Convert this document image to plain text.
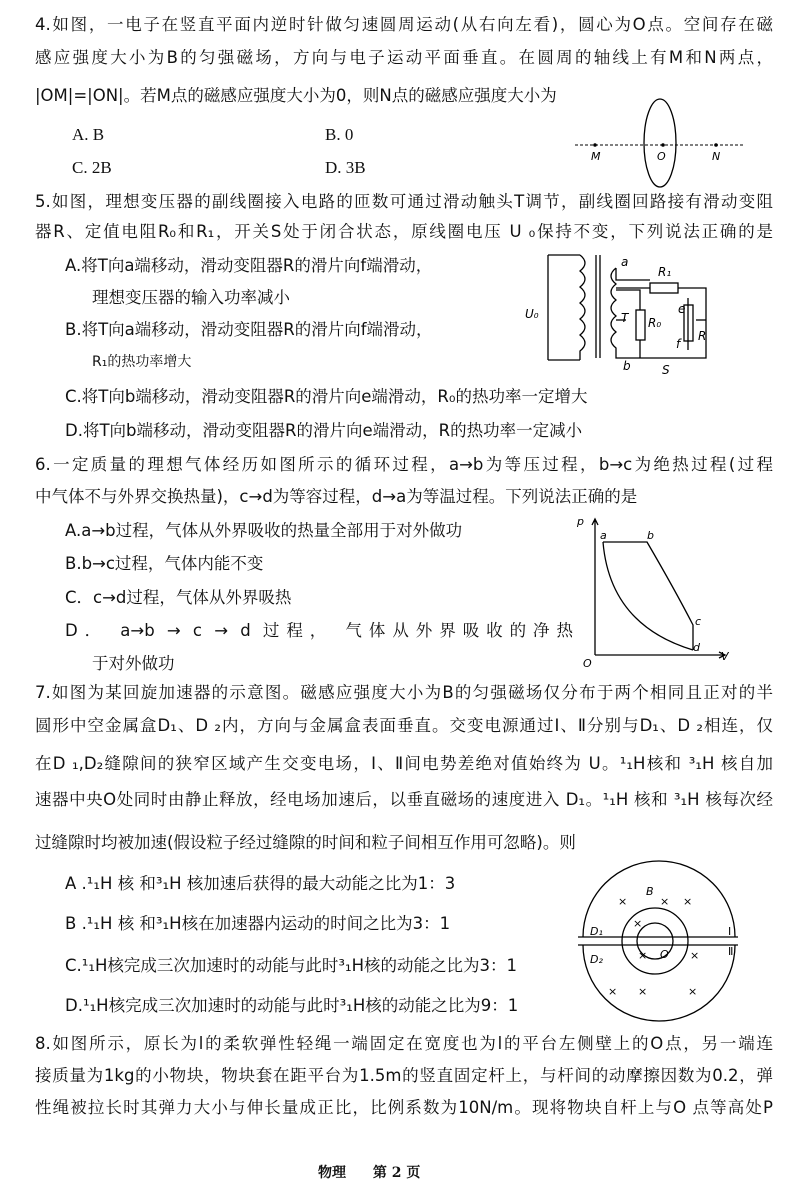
4.如图，一电子在竖直平面内逆时针做匀速圆周运动(从右向左看)，圆心为O点。空间存在磁
感应强度大小为B的匀强磁场，方向与电子运动平面垂直。在圆周的轴线上有M和N两点，
|OM|=|ON|。若M点的磁感应强度大小为0，则N点的磁感应强度大小为
A. B	B. 0
C. 2B	D. 3B
M	O	N
5.如图，理想变压器的副线圈接入电路的匝数可通过滑动触头T调节，副线圈回路接有滑动变阻
器R、定值电阻R₀和R₁，开关S处于闭合状态，原线圈电压 U ₀保持不变，下列说法正确的是
A.将T向a端移动，滑动变阻器R的滑片向f端滑动，
理想变压器的输入功率减小
B.将T向a端移动，滑动变阻器R的滑片向f端滑动，
R₁的热功率增大
C.将T向b端移动，滑动变阻器R的滑片向e端滑动，R₀的热功率一定增大
D.将T向b端移动，滑动变阻器R的滑片向e端滑动，R的热功率一定减小
U₀
a
b
T R₀
R₁
R
e
f
S
6.一定质量的理想气体经历如图所示的循环过程，a→b为等压过程，b→c为绝热过程(过程
中气体不与外界交换热量)，c→d为等容过程，d→a为等温过程。下列说法正确的是
A.a→b过程，气体从外界吸收的热量全部用于对外做功
B.b→c过程，气体内能不变
C．c→d过程，气体从外界吸热
D． a→b → c → d 过程， 气体从外界吸收的净热
于对外做功
p
V
O
a	b
c
d
7.如图为某回旋加速器的示意图。磁感应强度大小为B的匀强磁场仅分布于两个相同且正对的半
圆形中空金属盒D₁、D ₂内，方向与金属盒表面垂直。交变电源通过Ⅰ、Ⅱ分别与D₁、D ₂相连，仅
在D ₁,D₂缝隙间的狭窄区域产生交变电场，Ⅰ、Ⅱ间电势差绝对值始终为 U。¹₁H核和 ³₁H 核自加
速器中央O处同时由静止释放，经电场加速后，以垂直磁场的速度进入 D₁。¹₁H 核和 ³₁H 核每次经
过缝隙时均被加速(假设粒子经过缝隙的时间和粒子间相互作用可忽略)。则
A .¹₁H 核 和³₁H 核加速后获得的最大动能之比为1：3
B .¹₁H 核 和³₁H核在加速器内运动的时间之比为3：1
C.¹₁H核完成三次加速时的动能与此时³₁H核的动能之比为3：1
D.¹₁H核完成三次加速时的动能与此时³₁H核的动能之比为9：1
B
D₁
D₂	O
Ⅰ
Ⅱ
×	× ×
×
×	×
× ×	×
8.如图所示，原长为l的柔软弹性轻绳一端固定在宽度也为l的平台左侧壁上的O点，另一端连
接质量为1kg的小物块，物块套在距平台为1.5m的竖直固定杆上，与杆间的动摩擦因数为0.2，弹
性绳被拉长时其弹力大小与伸长量成正比，比例系数为10N/m。现将物块自杆上与O 点等高处P
物理 第 2 页
